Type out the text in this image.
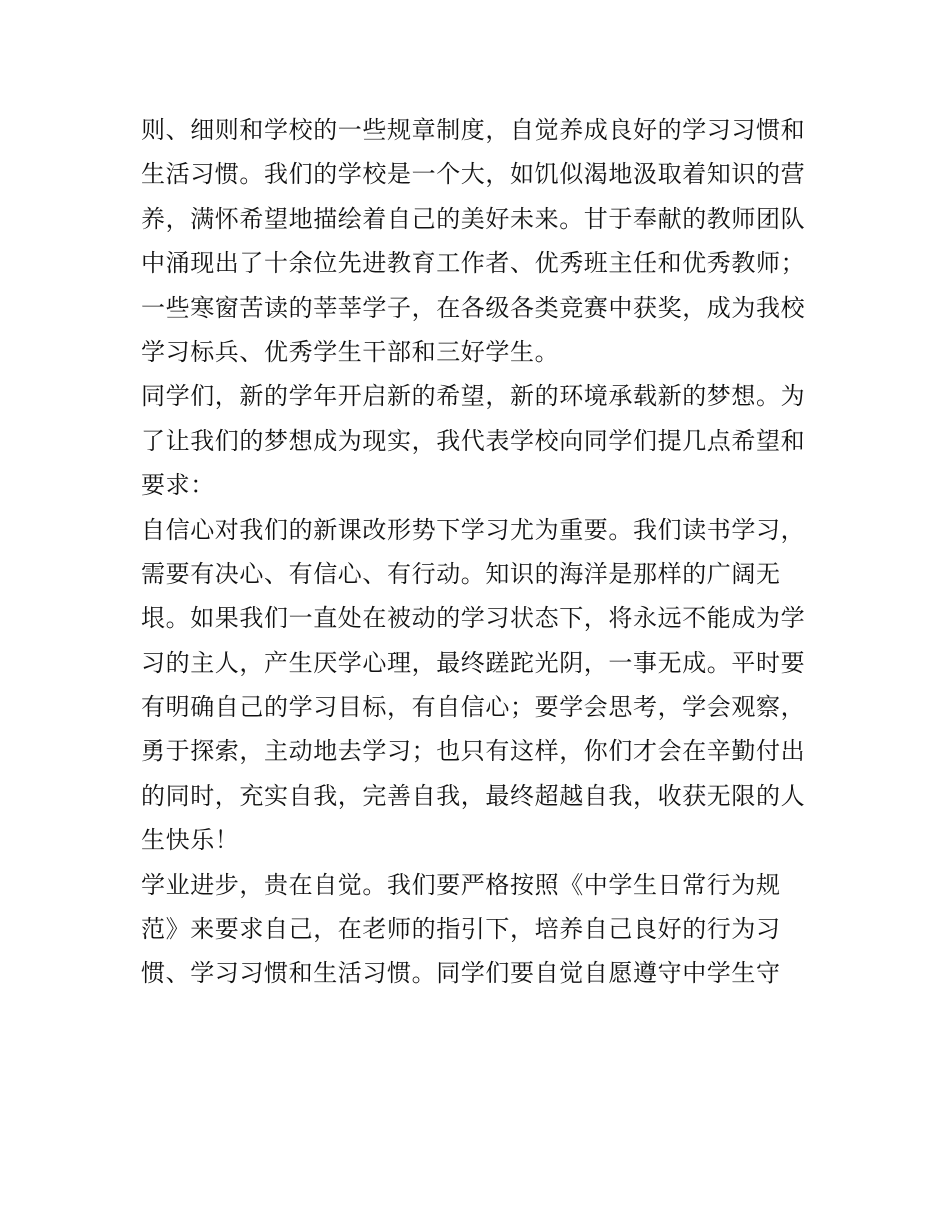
则、细则和学校的一些规章制度，自觉养成良好的学习习惯和
生活习惯。我们的学校是一个大，如饥似渴地汲取着知识的营
养，满怀希望地描绘着自己的美好未来。甘于奉献的教师团队
中涌现出了十余位先进教育工作者、优秀班主任和优秀教师；
一些寒窗苦读的莘莘学子，在各级各类竞赛中获奖，成为我校
学习标兵、优秀学生干部和三好学生。
同学们，新的学年开启新的希望，新的环境承载新的梦想。为
了让我们的梦想成为现实，我代表学校向同学们提几点希望和
要求：
自信心对我们的新课改形势下学习尤为重要。我们读书学习，
需要有决心、有信心、有行动。知识的海洋是那样的广阔无
垠。如果我们一直处在被动的学习状态下，将永远不能成为学
习的主人，产生厌学心理，最终蹉跎光阴，一事无成。平时要
有明确自己的学习目标，有自信心；要学会思考，学会观察，
勇于探索，主动地去学习；也只有这样，你们才会在辛勤付出
的同时，充实自我，完善自我，最终超越自我，收获无限的人
生快乐！
学业进步，贵在自觉。我们要严格按照《中学生日常行为规
范》来要求自己，在老师的指引下，培养自己良好的行为习
惯、学习习惯和生活习惯。同学们要自觉自愿遵守中学生守
